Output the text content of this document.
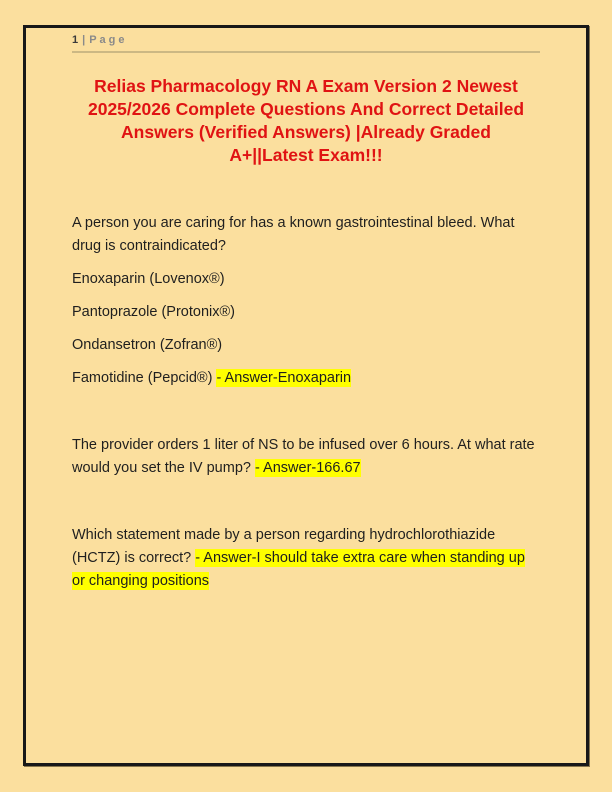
1 | Page
Relias Pharmacology RN A Exam Version 2 Newest
2025/2026 Complete Questions And Correct Detailed
Answers (Verified Answers) |Already Graded
A+||Latest Exam!!!

A person you are caring for has a known gastrointestinal bleed. What drug is contraindicated?

Enoxaparin (Lovenox®)

Pantoprazole (Protonix®)

Ondansetron (Zofran®)

Famotidine (Pepcid®) - Answer-Enoxaparin

The provider orders 1 liter of NS to be infused over 6 hours. At what rate would you set the IV pump? - Answer-166.67

Which statement made by a person regarding hydrochlorothiazide (HCTZ) is correct? - Answer-I should take extra care when standing up or changing positions
